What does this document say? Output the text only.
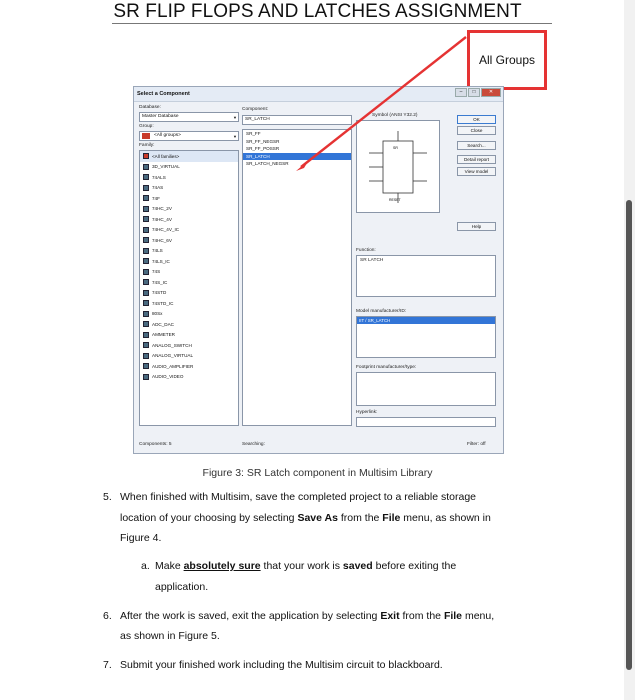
SR FLIP FLOPS AND LATCHES ASSIGNMENT
All Groups
Select a Component	–	□	✕
Database:
Master Database	▼
Group:
<All groups>	▼
Family:
<All families>
3D_VIRTUAL
74ALS
74AS
74F
74HC_2V
74HC_4V
74HC_4V_IC
74HC_6V
74LS
74LS_IC
74S
74S_IC
74STD
74STD_IC
80Sx
ADC_DAC
AMMETER
ANALOG_SWITCH
ANALOG_VIRTUAL
AUDIO_AMPLIFIER
AUDIO_VIDEO
Component:
SR_LATCH
SR_FF
SR_FF_NEGSR
SR_FF_POSSR
SR_LATCH
SR_LATCH_NEGSR
Symbol (ANSI Y32.2)
SR
RESET
OK
Close
Search...
Detail report
View model
Help
Function:
SR LATCH
Model manufacturer/ID:
IIT / SR_LATCH
Footprint manufacturer/type:
Hyperlink:
Components: 5	Searching:	Filter: off
Figure 3: SR Latch component in Multisim Library
5. When finished with Multisim, save the completed project to a reliable storage
location of your choosing by selecting Save As from the File menu, as shown in
Figure 4.
a. Make absolutely sure that your work is saved before exiting the
application.
6. After the work is saved, exit the application by selecting Exit from the File menu,
as shown in Figure 5.
7. Submit your finished work including the Multisim circuit to blackboard.
